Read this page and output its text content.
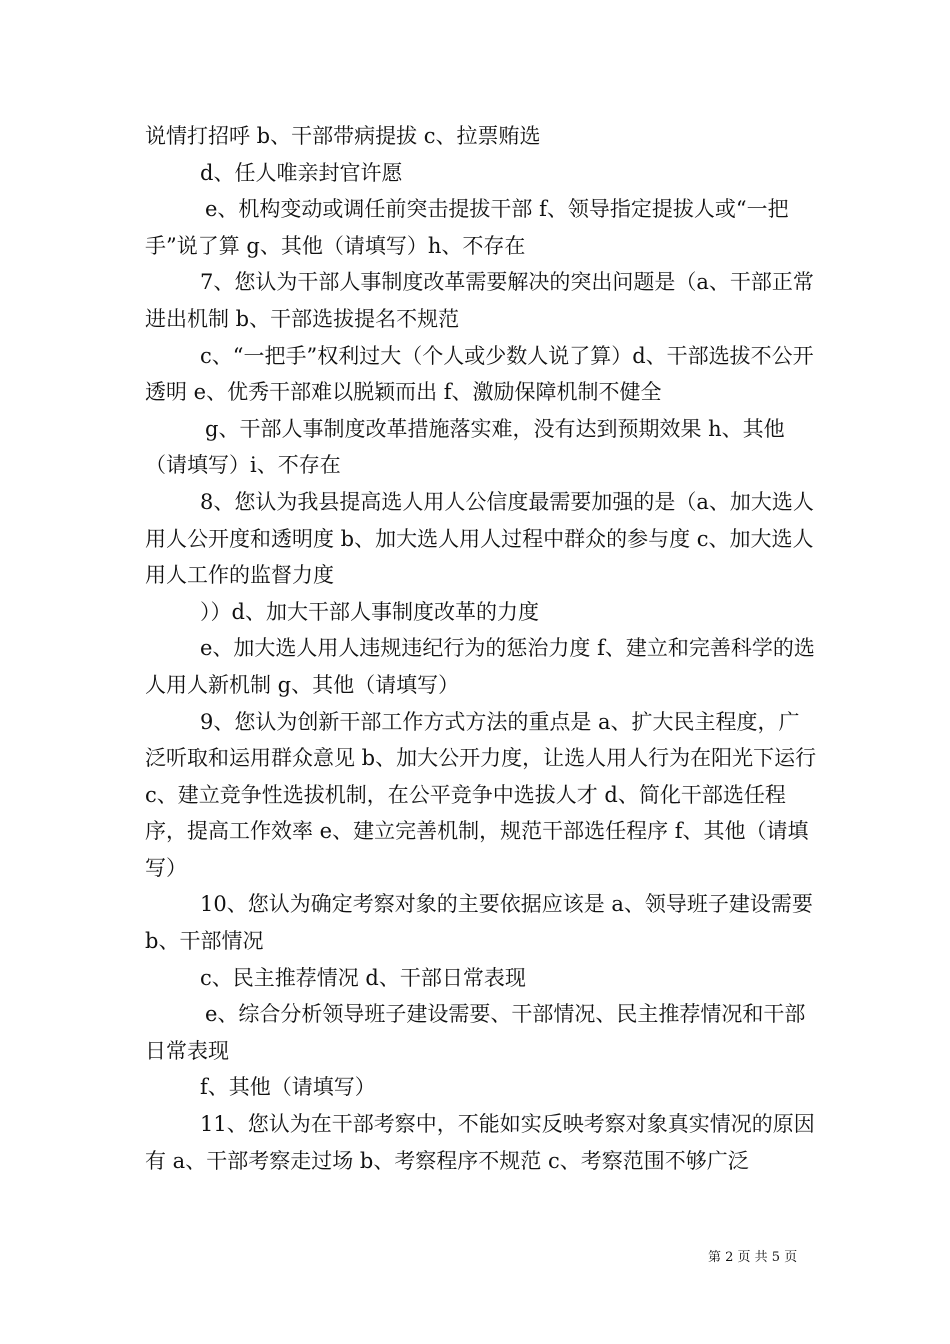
说情打招呼 b、干部带病提拔 c、拉票贿选

d、任人唯亲封官许愿

e、机构变动或调任前突击提拔干部 f、领导指定提拔人或“一把手”说了算 g、其他（请填写）h、不存在

7、您认为干部人事制度改革需要解决的突出问题是（a、干部正常进出机制 b、干部选拔提名不规范

c、“一把手”权利过大（个人或少数人说了算）d、干部选拔不公开透明 e、优秀干部难以脱颖而出 f、激励保障机制不健全

g、干部人事制度改革措施落实难，没有达到预期效果 h、其他（请填写）i、不存在

8、您认为我县提高选人用人公信度最需要加强的是（a、加大选人用人公开度和透明度 b、加大选人用人过程中群众的参与度 c、加大选人用人工作的监督力度

））d、加大干部人事制度改革的力度

e、加大选人用人违规违纪行为的惩治力度 f、建立和完善科学的选人用人新机制 g、其他（请填写）

9、您认为创新干部工作方式方法的重点是 a、扩大民主程度，广泛听取和运用群众意见 b、加大公开力度，让选人用人行为在阳光下运行 c、建立竞争性选拔机制，在公平竞争中选拔人才 d、简化干部选任程序，提高工作效率 e、建立完善机制，规范干部选任程序 f、其他（请填写）

10、您认为确定考察对象的主要依据应该是 a、领导班子建设需要 b、干部情况

c、民主推荐情况 d、干部日常表现

e、综合分析领导班子建设需要、干部情况、民主推荐情况和干部日常表现

f、其他（请填写）

11、您认为在干部考察中，不能如实反映考察对象真实情况的原因有 a、干部考察走过场 b、考察程序不规范 c、考察范围不够广泛

第 2 页 共 5 页
